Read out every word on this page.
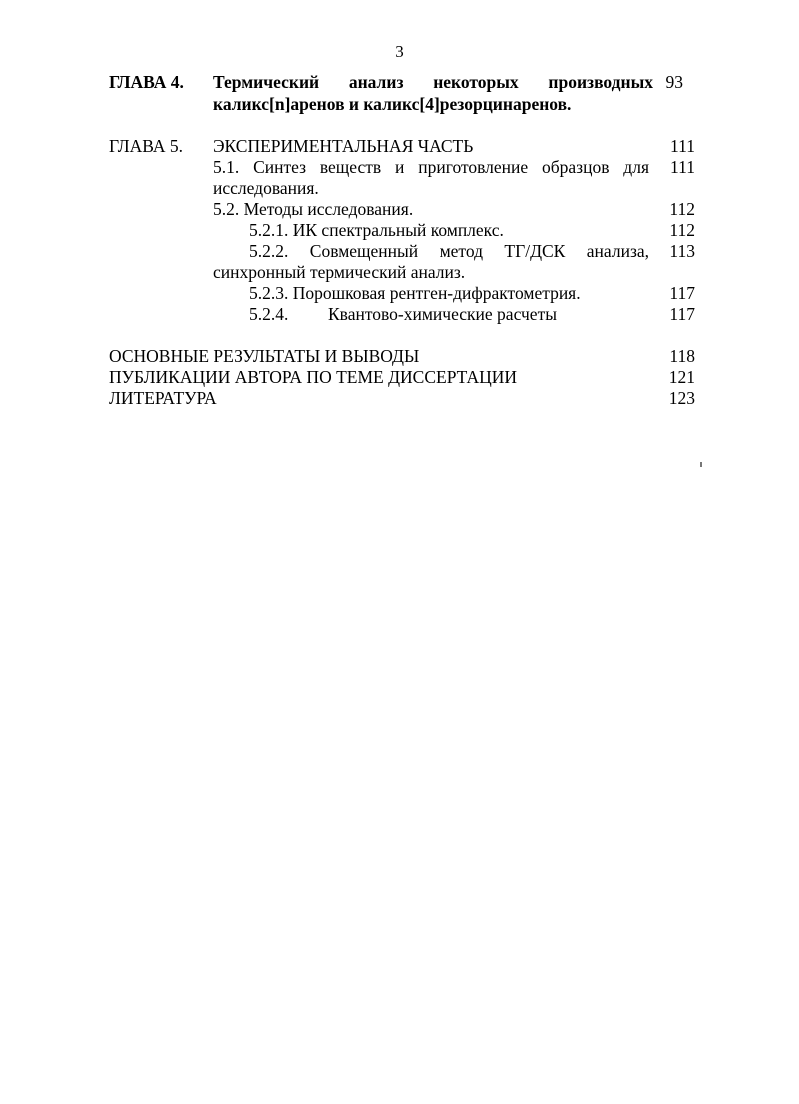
3
ГЛАВА 4. Термический анализ некоторых производных 93
каликс[n]аренов и каликс[4]резорцинаренов.
ГЛАВА 5. ЭКСПЕРИМЕНТАЛЬНАЯ ЧАСТЬ	111
5.1. Синтез веществ и приготовление образцов для 111
исследования.
5.2. Методы исследования.	112
5.2.1. ИК спектральный комплекс.	112
5.2.2. Совмещенный метод ТГ/ДСК анализа, 113
синхронный термический анализ.
5.2.3. Порошковая рентген-дифрактометрия.	117
5.2.4. Квантово-химические расчеты	117
ОСНОВНЫЕ РЕЗУЛЬТАТЫ И ВЫВОДЫ	118
ПУБЛИКАЦИИ АВТОРА ПО ТЕМЕ ДИССЕРТАЦИИ	121
ЛИТЕРАТУРА	123
